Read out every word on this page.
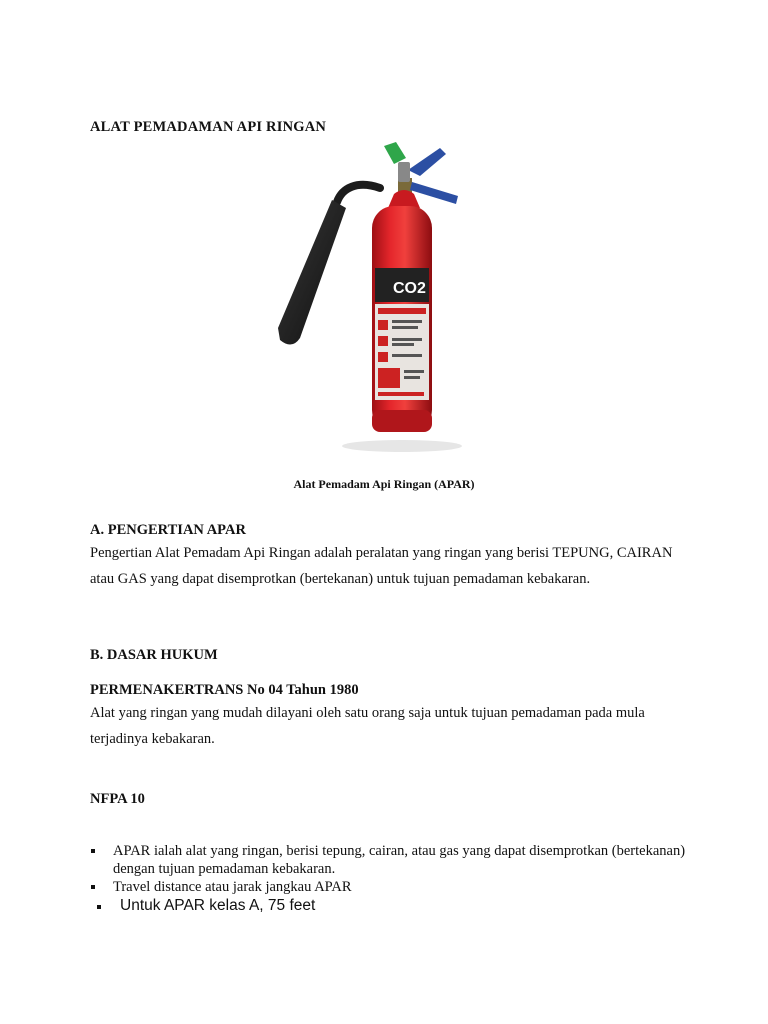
ALAT PEMADAMAN API RINGAN
CO2
Alat Pemadam Api Ringan (APAR)
A. PENGERTIAN APAR
Pengertian Alat Pemadam Api Ringan adalah peralatan yang ringan yang berisi TEPUNG, CAIRAN atau GAS yang dapat disemprotkan (bertekanan) untuk tujuan pemadaman kebakaran.
B. DASAR HUKUM
PERMENAKERTRANS No 04 Tahun 1980
Alat yang ringan yang mudah dilayani oleh satu orang saja untuk tujuan pemadaman pada mula terjadinya kebakaran.
NFPA 10
APAR ialah alat yang ringan, berisi tepung, cairan, atau gas yang dapat disemprotkan (bertekanan) dengan tujuan pemadaman kebakaran.
Travel distance atau jarak jangkau APAR
Untuk APAR kelas A, 75 feet
